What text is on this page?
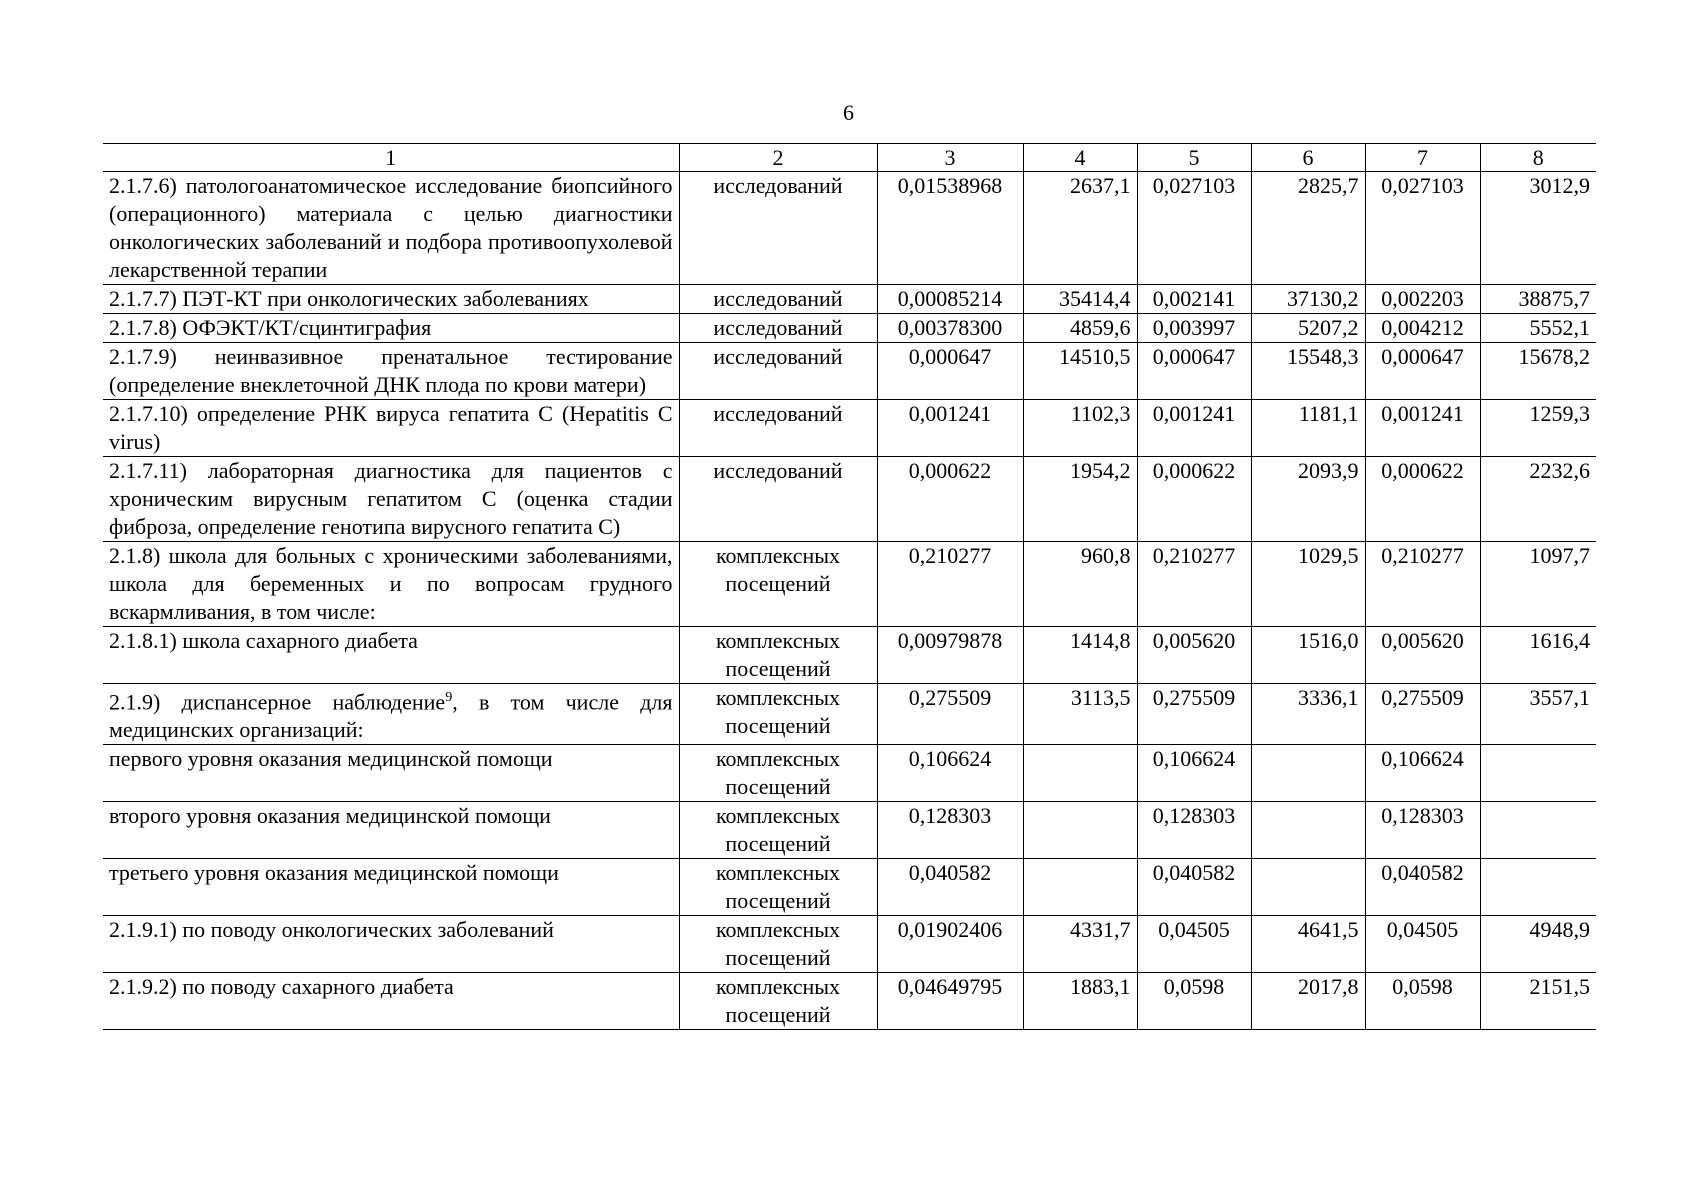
6
1	2	3	4	5	6	7	8
2.1.7.6) патологоанатомическое исследование биопсийного (операционного) материала с целью диагностики онкологических заболеваний и подбора противоопухолевой лекарственной терапии	исследований	0,01538968	2637,1	0,027103	2825,7	0,027103	3012,9
2.1.7.7) ПЭТ-КТ при онкологических заболеваниях	исследований	0,00085214	35414,4	0,002141	37130,2	0,002203	38875,7
2.1.7.8) ОФЭКТ/КТ/сцинтиграфия	исследований	0,00378300	4859,6	0,003997	5207,2	0,004212	5552,1
2.1.7.9) неинвазивное пренатальное тестирование (определение внеклеточной ДНК плода по крови матери)	исследований	0,000647	14510,5	0,000647	15548,3	0,000647	15678,2
2.1.7.10) определение РНК вируса гепатита С (Hepatitis C virus)	исследований	0,001241	1102,3	0,001241	1181,1	0,001241	1259,3
2.1.7.11) лабораторная диагностика для пациентов с хроническим вирусным гепатитом С (оценка стадии фиброза, определение генотипа вирусного гепатита С)	исследований	0,000622	1954,2	0,000622	2093,9	0,000622	2232,6
2.1.8) школа для больных с хроническими заболеваниями, школа для беременных и по вопросам грудного вскармливания, в том числе:	комплексных посещений	0,210277	960,8	0,210277	1029,5	0,210277	1097,7
2.1.8.1) школа сахарного диабета	комплексных посещений	0,00979878	1414,8	0,005620	1516,0	0,005620	1616,4
2.1.9) диспансерное наблюдение$^9$, в том числе для медицинских организаций:	комплексных посещений	0,275509	3113,5	0,275509	3336,1	0,275509	3557,1
первого уровня оказания медицинской помощи	комплексных посещений	0,106624		0,106624		0,106624	
второго уровня оказания медицинской помощи	комплексных посещений	0,128303		0,128303		0,128303	
третьего уровня оказания медицинской помощи	комплексных посещений	0,040582		0,040582		0,040582	
2.1.9.1) по поводу онкологических заболеваний	комплексных посещений	0,01902406	4331,7	0,04505	4641,5	0,04505	4948,9
2.1.9.2) по поводу сахарного диабета	комплексных посещений	0,04649795	1883,1	0,0598	2017,8	0,0598	2151,5
